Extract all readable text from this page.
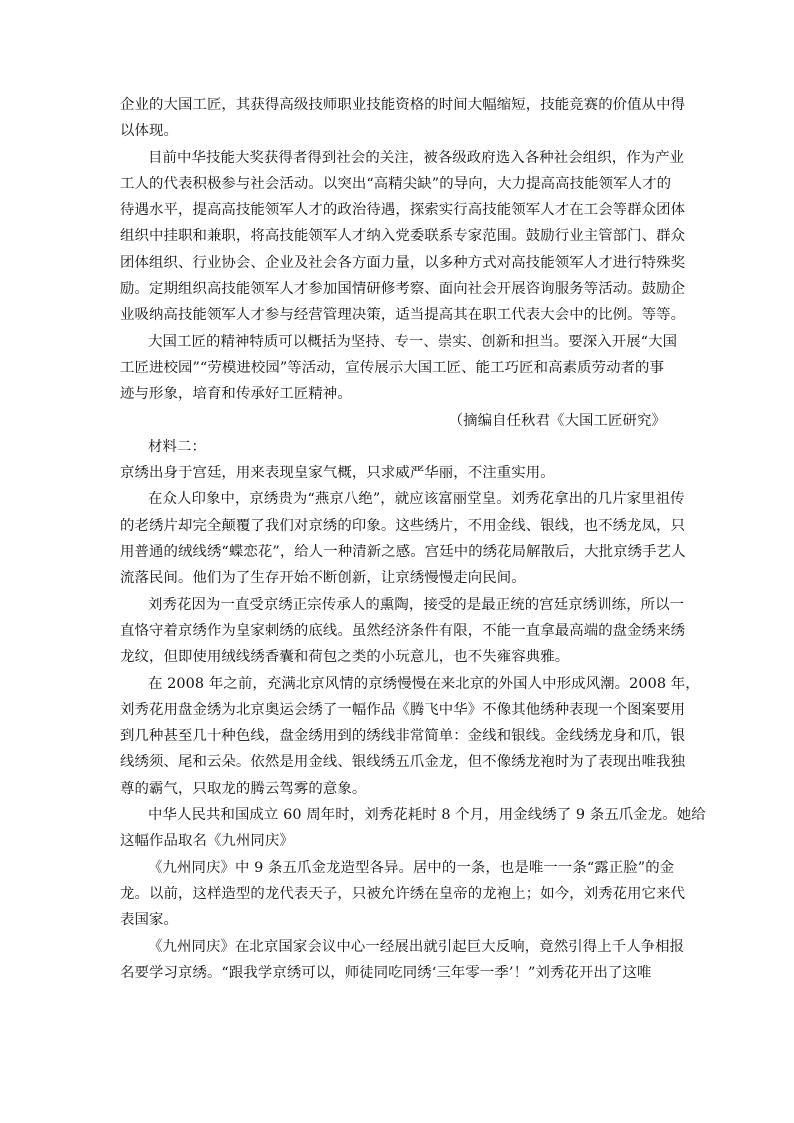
企业的大国工匠，其获得高级技师职业技能资格的时间大幅缩短，技能竞赛的价值从中得
以体现。
目前中华技能大奖获得者得到社会的关注，被各级政府选入各种社会组织，作为产业
工人的代表积极参与社会活动。以突出“高精尖缺”的导向，大力提高高技能领军人才的
待遇水平，提高高技能领军人才的政治待遇，探索实行高技能领军人才在工会等群众团体
组织中挂职和兼职，将高技能领军人才纳入党委联系专家范围。鼓励行业主管部门、群众
团体组织、行业协会、企业及社会各方面力量，以多种方式对高技能领军人才进行特殊奖
励。定期组织高技能领军人才参加国情研修考察、面向社会开展咨询服务等活动。鼓励企
业吸纳高技能领军人才参与经营管理决策，适当提高其在职工代表大会中的比例。等等。
大国工匠的精神特质可以概括为坚持、专一、崇实、创新和担当。要深入开展“大国
工匠进校园”“劳模进校园”等活动，宣传展示大国工匠、能工巧匠和高素质劳动者的事
迹与形象，培育和传承好工匠精神。
（摘编自任秋君《大国工匠研究》
材料二：
京绣出身于宫廷，用来表现皇家气概，只求威严华丽，不注重实用。
在众人印象中，京绣贵为“燕京八绝”，就应该富丽堂皇。刘秀花拿出的几片家里祖传
的老绣片却完全颠覆了我们对京绣的印象。这些绣片，不用金线、银线，也不绣龙凤，只
用普通的绒线绣“蝶恋花”，给人一种清新之感。宫廷中的绣花局解散后，大批京绣手艺人
流落民间。他们为了生存开始不断创新，让京绣慢慢走向民间。
刘秀花因为一直受京绣正宗传承人的熏陶，接受的是最正统的宫廷京绣训练，所以一
直恪守着京绣作为皇家刺绣的底线。虽然经济条件有限，不能一直拿最高端的盘金绣来绣
龙纹，但即使用绒线绣香囊和荷包之类的小玩意儿，也不失雍容典雅。
在 2008 年之前，充满北京风情的京绣慢慢在来北京的外国人中形成风潮。2008 年，
刘秀花用盘金绣为北京奥运会绣了一幅作品《腾飞中华》不像其他绣种表现一个图案要用
到几种甚至几十种色线，盘金绣用到的绣线非常简单：金线和银线。金线绣龙身和爪，银
线绣须、尾和云朵。依然是用金线、银线绣五爪金龙，但不像绣龙袍时为了表现出唯我独
尊的霸气，只取龙的腾云驾雾的意象。
中华人民共和国成立 60 周年时，刘秀花耗时 8 个月，用金线绣了 9 条五爪金龙。她给
这幅作品取名《九州同庆》
《九州同庆》中 9 条五爪金龙造型各异。居中的一条，也是唯一一条“露正脸”的金
龙。以前，这样造型的龙代表天子，只被允许绣在皇帝的龙袍上；如今，刘秀花用它来代
表国家。
《九州同庆》在北京国家会议中心一经展出就引起巨大反响，竟然引得上千人争相报
名要学习京绣。“跟我学京绣可以，师徒同吃同绣‘三年零一季’！”刘秀花开出了这唯
